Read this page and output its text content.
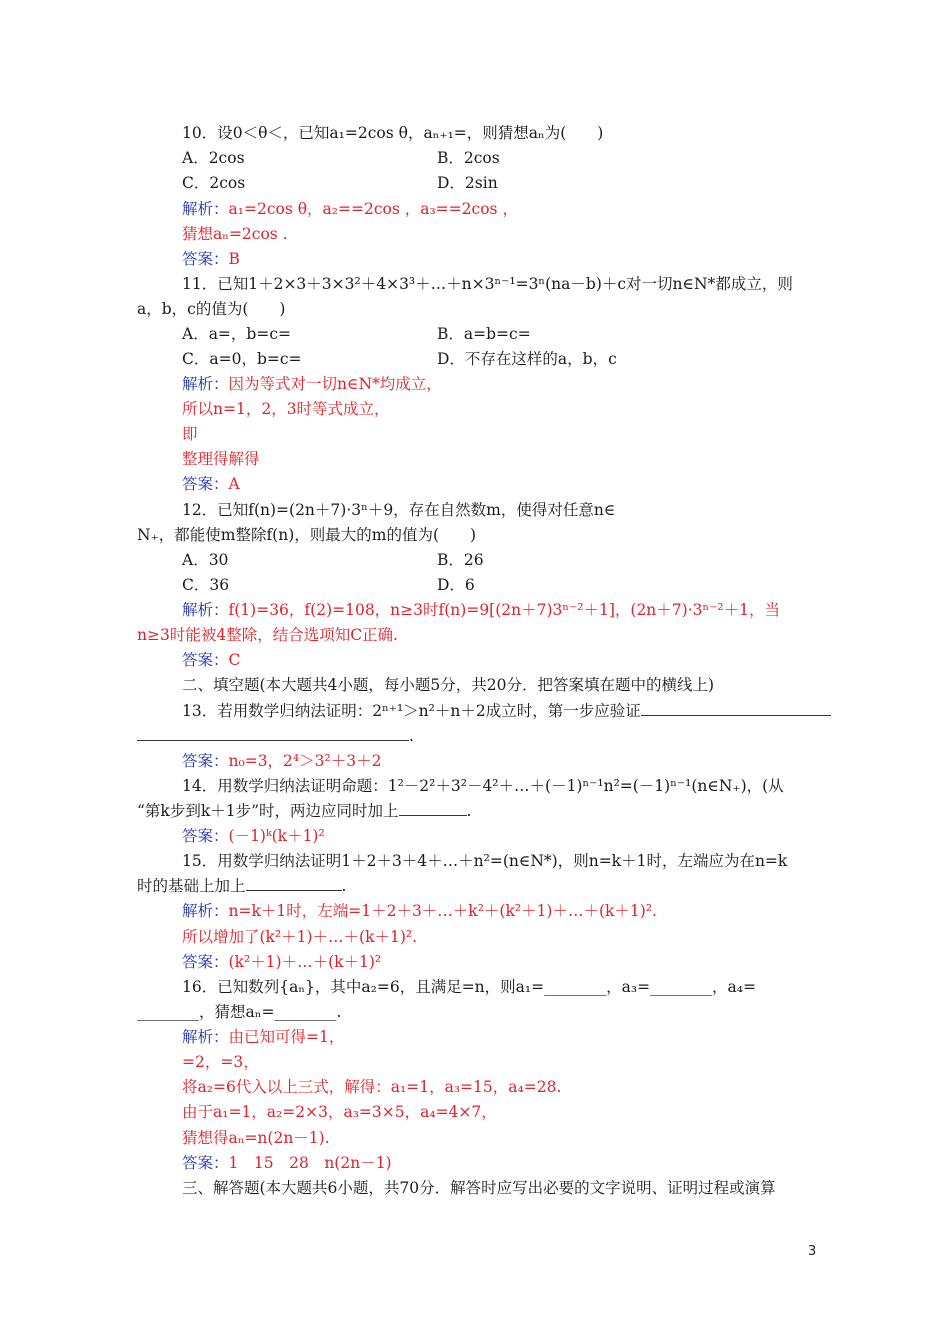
10．设0＜θ＜，已知a₁=2cos θ，aₙ₊₁=，则猜想aₙ为(　　)
A．2cos	B．2cos
C．2cos	D．2sin
解析：a₁=2cos θ，a₂==2cos ，a₃==2cos ，
猜想aₙ=2cos .
答案：B
11．已知1＋2×3＋3×3²＋4×3³＋…＋n×3ⁿ⁻¹=3ⁿ(na－b)＋c对一切n∈N*都成立，则
a，b，c的值为(　　)
A．a=，b=c=	B．a=b=c=
C．a=0，b=c=	D．不存在这样的a，b，c
解析：因为等式对一切n∈N*均成立，
所以n=1，2，3时等式成立，
即
整理得解得
答案：A
12．已知f(n)=(2n＋7)·3ⁿ＋9，存在自然数m，使得对任意n∈
N₊，都能使m整除f(n)，则最大的m的值为(　　)
A．30	B．26
C．36	D．6
解析：f(1)=36，f(2)=108，n≥3时f(n)=9[(2n＋7)3ⁿ⁻²＋1]，(2n＋7)·3ⁿ⁻²＋1，当
n≥3时能被4整除，结合选项知C正确.
答案：C
二、填空题(本大题共4小题，每小题5分，共20分．把答案填在题中的横线上)
13．若用数学归纳法证明：2ⁿ⁺¹＞n²＋n＋2成立时，第一步应验证
.
答案：n₀=3，2⁴＞3²＋3＋2
14．用数学归纳法证明命题：1²－2²＋3²－4²＋…＋(－1)ⁿ⁻¹n²=(－1)ⁿ⁻¹(n∈N₊)，(从
“第k步到k＋1步”时，两边应同时加上	.
答案：(－1)ᵏ(k＋1)²
15．用数学归纳法证明1＋2＋3＋4＋…＋n²=(n∈N*)，则n=k＋1时，左端应为在n=k
时的基础上加上	.
解析：n=k＋1时，左端=1＋2＋3＋…＋k²＋(k²＋1)＋…＋(k＋1)².
所以增加了(k²＋1)＋…＋(k＋1)².
答案：(k²＋1)＋…＋(k＋1)²
16．已知数列{aₙ}，其中a₂=6，且满足=n，则a₁=________，a₃=________，a₄=
________，猜想aₙ=________.
解析：由已知可得=1，
=2，=3，
将a₂=6代入以上三式，解得：a₁=1，a₃=15，a₄=28.
由于a₁=1，a₂=2×3，a₃=3×5，a₄=4×7，
猜想得aₙ=n(2n－1).
答案：1　15　28　n(2n－1)
三、解答题(本大题共6小题，共70分．解答时应写出必要的文字说明、证明过程或演算
3
